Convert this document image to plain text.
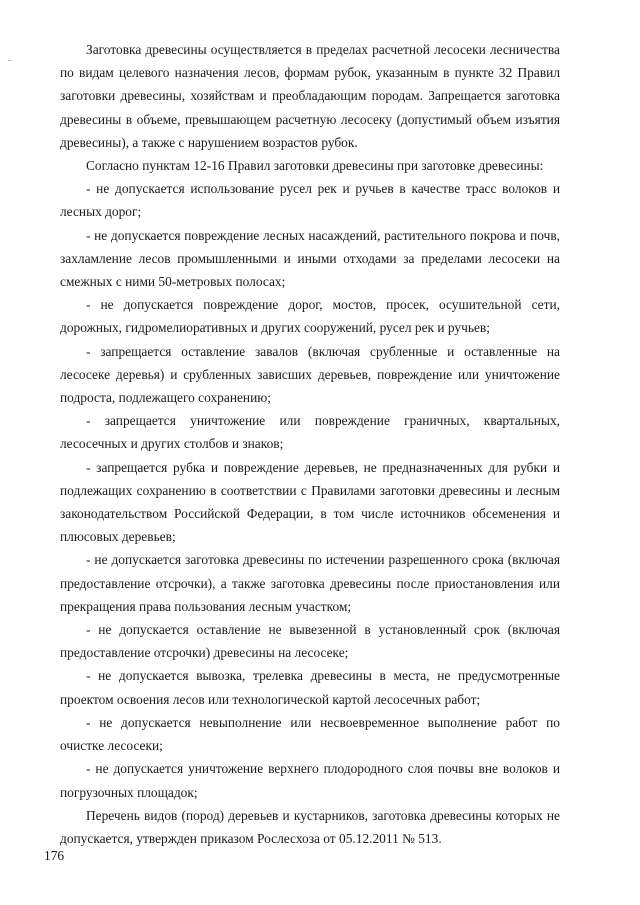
Заготовка древесины осуществляется в пределах расчетной лесосеки лесничества по видам целевого назначения лесов, формам рубок, указанным в пункте 32 Правил заготовки древесины, хозяйствам и преобладающим породам. Запрещается заготовка древесины в объеме, превышающем расчетную лесосеку (допустимый объем изъятия древесины), а также с нарушением возрастов рубок.

Согласно пунктам 12-16 Правил заготовки древесины при заготовке древесины:

- не допускается использование русел рек и ручьев в качестве трасс волоков и лесных дорог;

- не допускается повреждение лесных насаждений, растительного покрова и почв, захламление лесов промышленными и иными отходами за пределами лесосеки на смежных с ними 50-метровых полосах;

- не допускается повреждение дорог, мостов, просек, осушительной сети, дорожных, гидромелиоративных и других сооружений, русел рек и ручьев;

- запрещается оставление завалов (включая срубленные и оставленные на лесосеке деревья) и срубленных зависших деревьев, повреждение или уничтожение подроста, подлежащего сохранению;

- запрещается уничтожение или повреждение граничных, квартальных, лесосечных и других столбов и знаков;

- запрещается рубка и повреждение деревьев, не предназначенных для рубки и подлежащих сохранению в соответствии с Правилами заготовки древесины и лесным законодательством Российской Федерации, в том числе источников обсеменения и плюсовых деревьев;

- не допускается заготовка древесины по истечении разрешенного срока (включая предоставление отсрочки), а также заготовка древесины после приостановления или прекращения права пользования лесным участком;

- не допускается оставление не вывезенной в установленный срок (включая предоставление отсрочки) древесины на лесосеке;

- не допускается вывозка, трелевка древесины в места, не предусмотренные проектом освоения лесов или технологической картой лесосечных работ;

- не допускается невыполнение или несвоевременное выполнение работ по очистке лесосеки;

- не допускается уничтожение верхнего плодородного слоя почвы вне волоков и погрузочных площадок;

Перечень видов (пород) деревьев и кустарников, заготовка древесины которых не допускается, утвержден приказом Рослесхоза от 05.12.2011 № 513.

176
